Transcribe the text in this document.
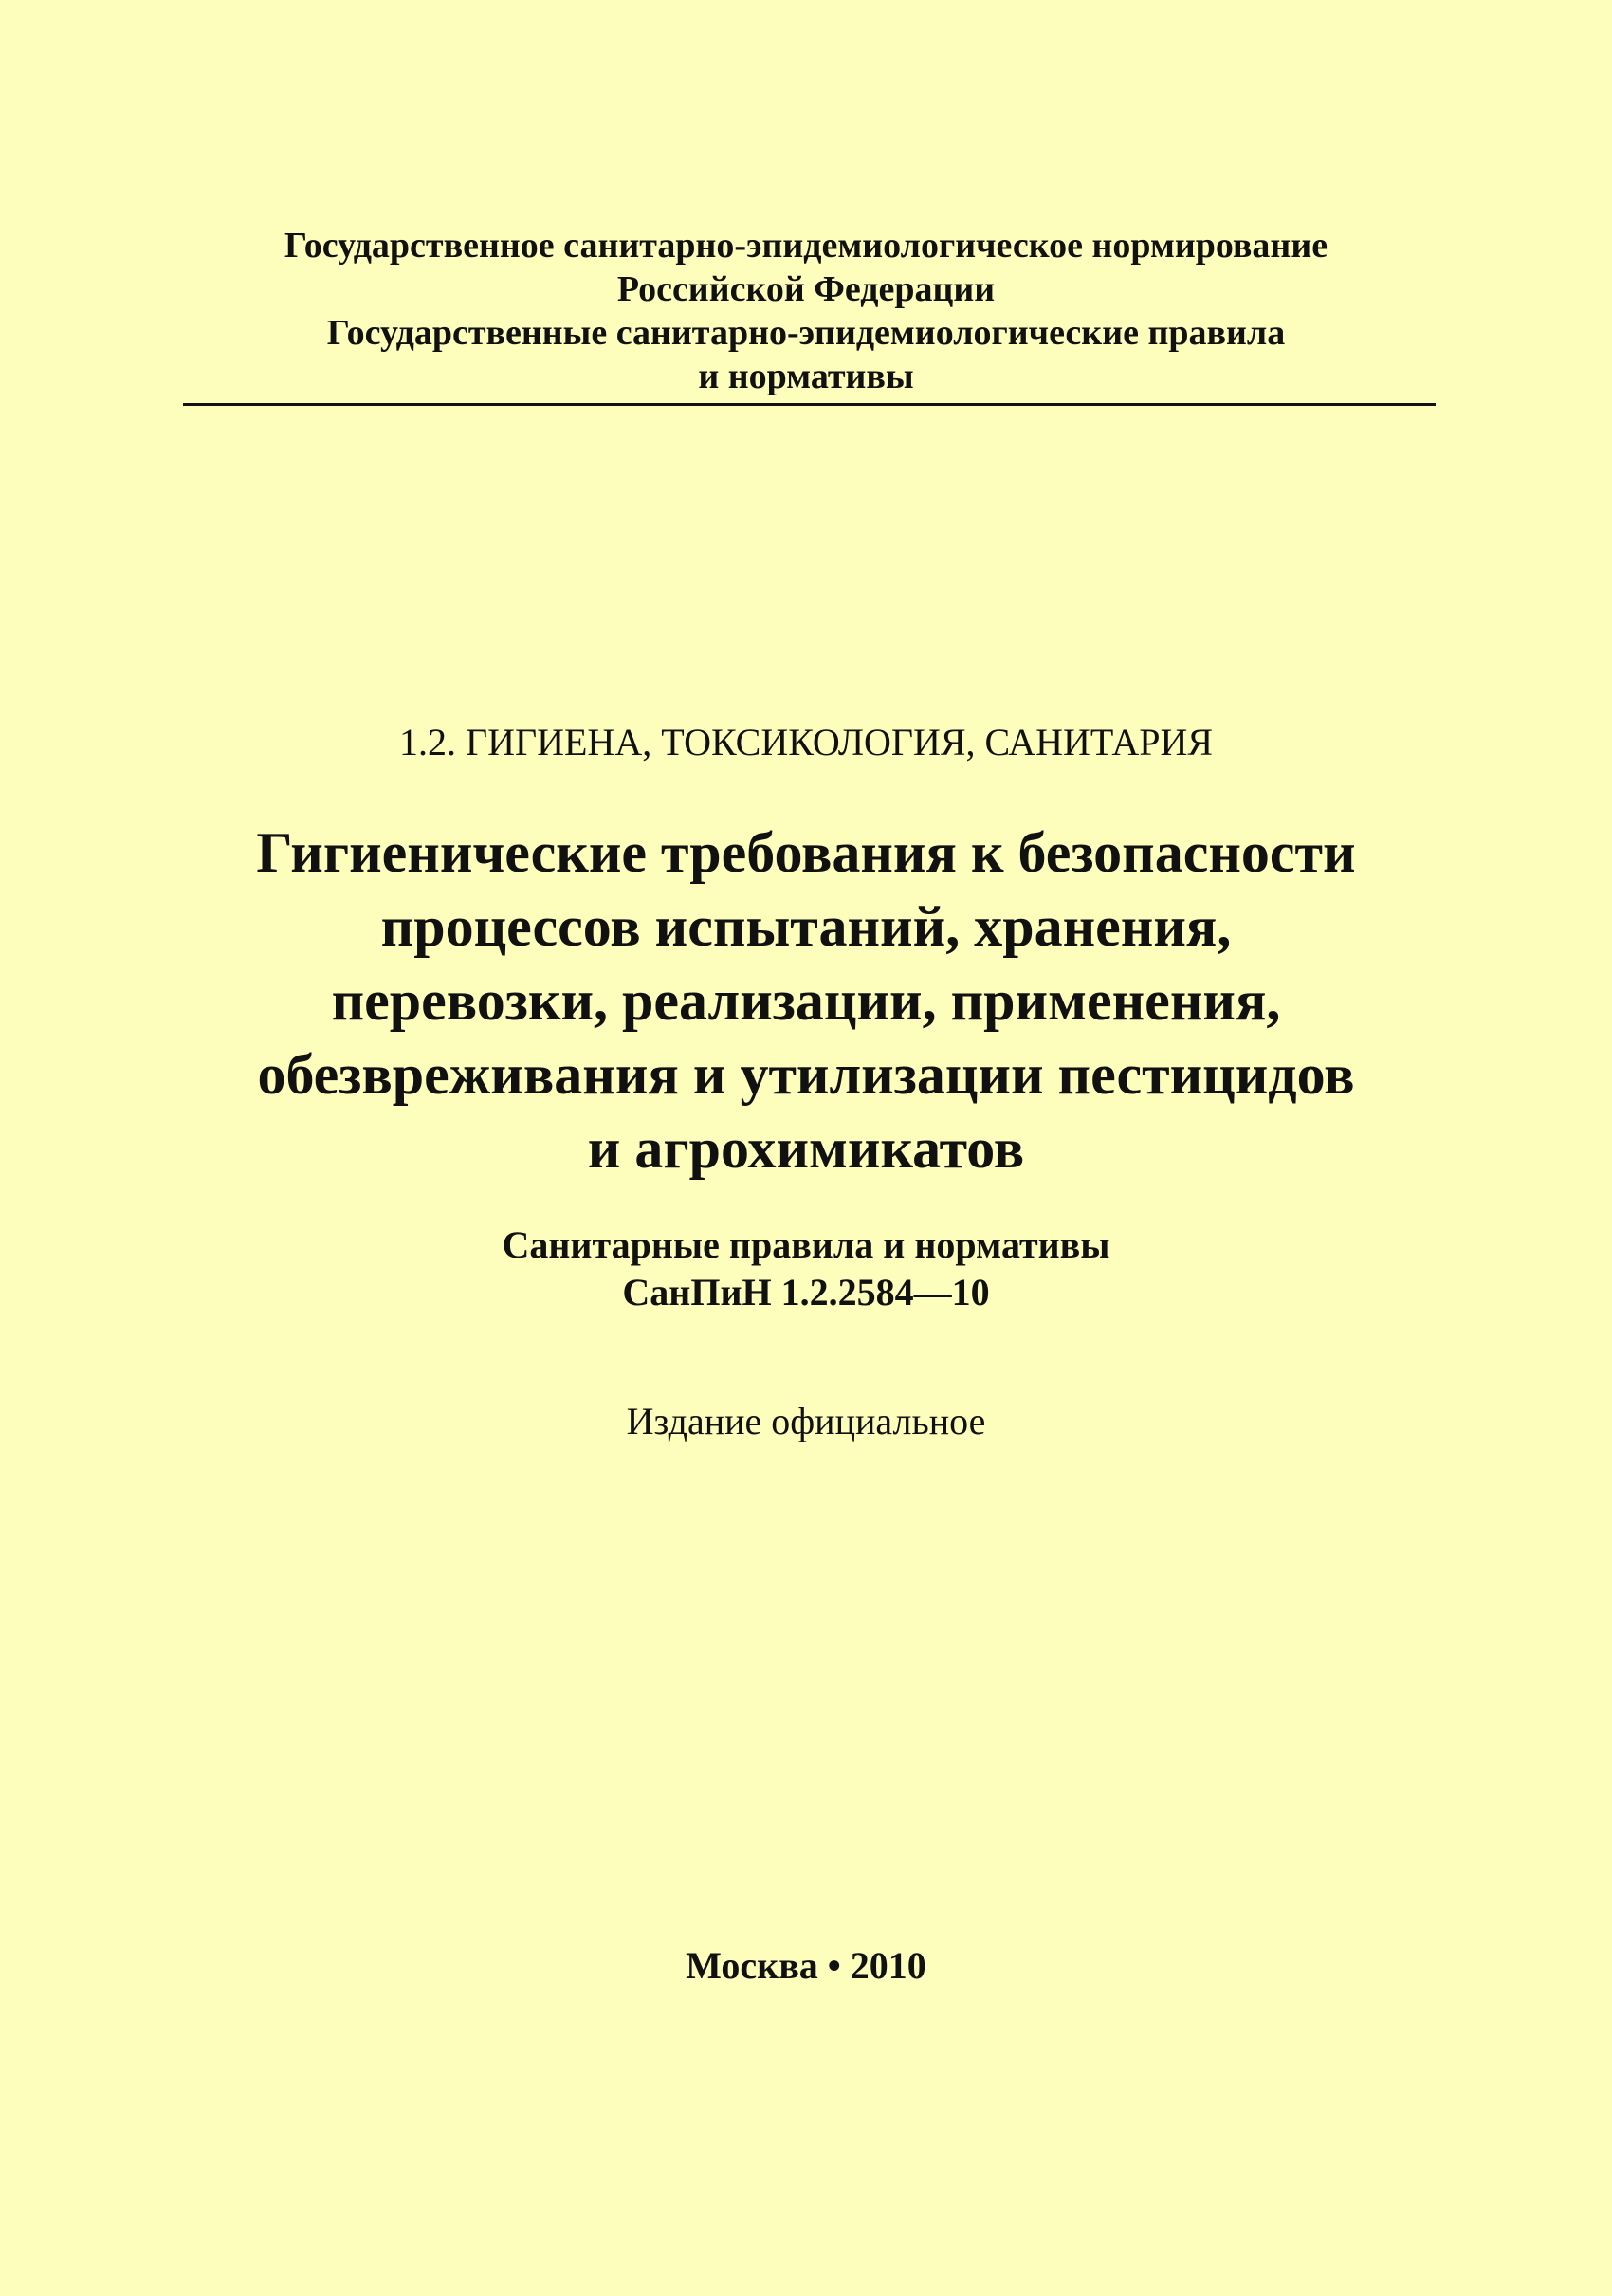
Государственное санитарно-эпидемиологическое нормирование
Российской Федерации
Государственные санитарно-эпидемиологические правила
и нормативы
1.2. ГИГИЕНА, ТОКСИКОЛОГИЯ, САНИТАРИЯ
Гигиенические требования к безопасности
процессов испытаний, хранения,
перевозки, реализации, применения,
обезвреживания и утилизации пестицидов
и агрохимикатов
Санитарные правила и нормативы
СанПиН 1.2.2584—10
Издание официальное
Москва • 2010
